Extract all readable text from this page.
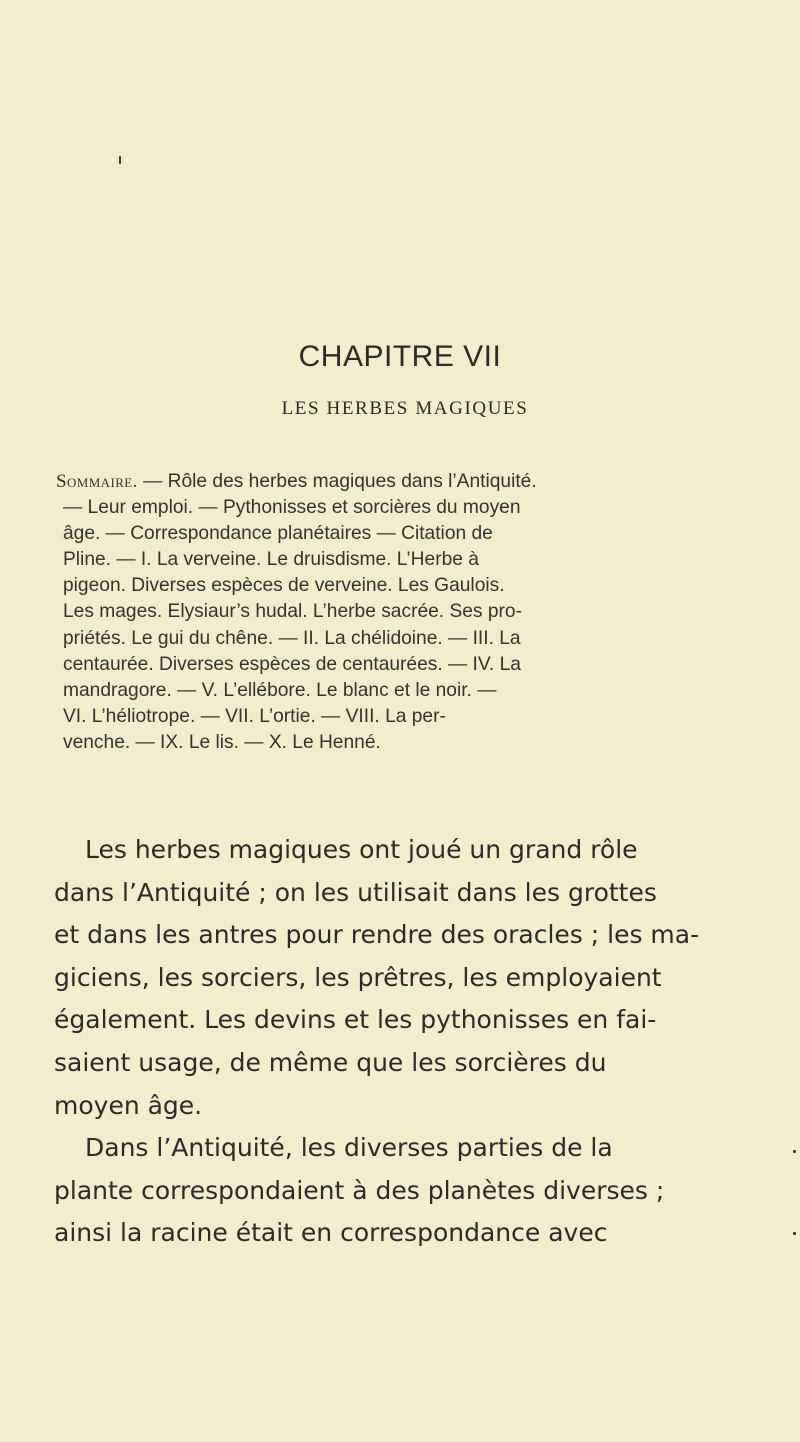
CHAPITRE VII
LES HERBES MAGIQUES
Sommaire. — Rôle des herbes magiques dans l’Antiquité.
— Leur emploi. — Pythonisses et sorcières du moyen
âge. — Correspondance planétaires — Citation de
Pline. — I. La verveine. Le druisdisme. L’Herbe à
pigeon. Diverses espèces de verveine. Les Gaulois.
Les mages. Elysiaur’s hudal. L’herbe sacrée. Ses pro-
priétés. Le gui du chêne. — II. La chélidoine. — III. La
centaurée. Diverses espèces de centaurées. — IV. La
mandragore. — V. L’ellébore. Le blanc et le noir. —
VI. L’héliotrope. — VII. L’ortie. — VIII. La per-
venche. — IX. Le lis. — X. Le Henné.
Les herbes magiques ont joué un grand rôle
dans l’Antiquité ; on les utilisait dans les grottes
et dans les antres pour rendre des oracles ; les ma-
giciens, les sorciers, les prêtres, les employaient
également. Les devins et les pythonisses en fai-
saient usage, de même que les sorcières du
moyen âge.
Dans l’Antiquité, les diverses parties de la
plante correspondaient à des planètes diverses ;
ainsi la racine était en correspondance avec
